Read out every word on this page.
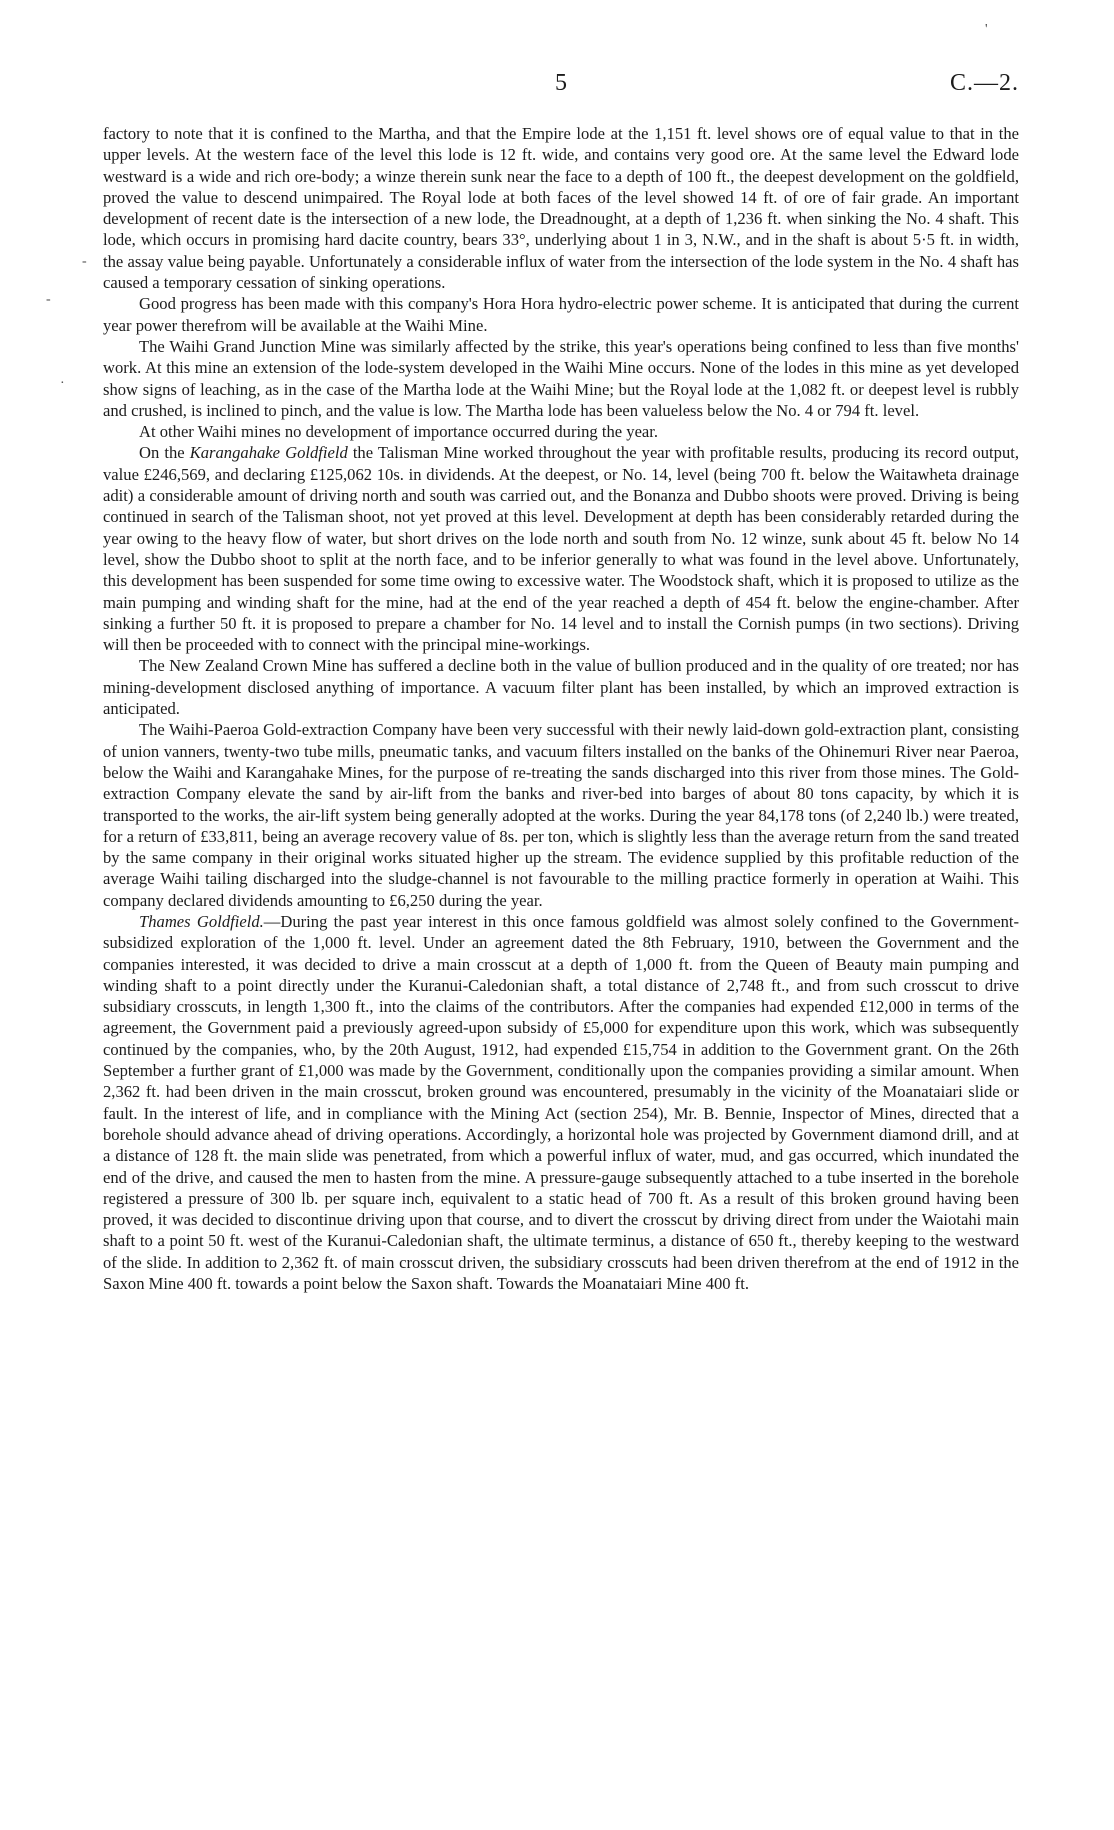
5	C.—2.
'
-
-
·

factory to note that it is confined to the Martha, and that the Empire lode at the 1,151 ft. level shows ore of equal value to that in the upper levels. At the western face of the level this lode is 12 ft. wide, and contains very good ore. At the same level the Edward lode westward is a wide and rich ore-body; a winze therein sunk near the face to a depth of 100 ft., the deepest development on the goldfield, proved the value to descend unimpaired. The Royal lode at both faces of the level showed 14 ft. of ore of fair grade. An important development of recent date is the intersection of a new lode, the Dreadnought, at a depth of 1,236 ft. when sinking the No. 4 shaft. This lode, which occurs in promising hard dacite country, bears 33°, underlying about 1 in 3, N.W., and in the shaft is about 5·5 ft. in width, the assay value being payable. Unfortunately a considerable influx of water from the intersection of the lode system in the No. 4 shaft has caused a temporary cessation of sinking operations.

Good progress has been made with this company's Hora Hora hydro-electric power scheme. It is anticipated that during the current year power therefrom will be available at the Waihi Mine.

The Waihi Grand Junction Mine was similarly affected by the strike, this year's operations being confined to less than five months' work. At this mine an extension of the lode-system developed in the Waihi Mine occurs. None of the lodes in this mine as yet developed show signs of leaching, as in the case of the Martha lode at the Waihi Mine; but the Royal lode at the 1,082 ft. or deepest level is rubbly and crushed, is inclined to pinch, and the value is low. The Martha lode has been valueless below the No. 4 or 794 ft. level.

At other Waihi mines no development of importance occurred during the year.

On the Karangahake Goldfield the Talisman Mine worked throughout the year with profitable results, producing its record output, value £246,569, and declaring £125,062 10s. in dividends. At the deepest, or No. 14, level (being 700 ft. below the Waitawheta drainage adit) a considerable amount of driving north and south was carried out, and the Bonanza and Dubbo shoots were proved. Driving is being continued in search of the Talisman shoot, not yet proved at this level. Development at depth has been considerably retarded during the year owing to the heavy flow of water, but short drives on the lode north and south from No. 12 winze, sunk about 45 ft. below No 14 level, show the Dubbo shoot to split at the north face, and to be inferior generally to what was found in the level above. Unfortunately, this development has been suspended for some time owing to excessive water. The Woodstock shaft, which it is proposed to utilize as the main pumping and winding shaft for the mine, had at the end of the year reached a depth of 454 ft. below the engine-chamber. After sinking a further 50 ft. it is proposed to prepare a chamber for No. 14 level and to install the Cornish pumps (in two sections). Driving will then be proceeded with to connect with the principal mine-workings.

The New Zealand Crown Mine has suffered a decline both in the value of bullion produced and in the quality of ore treated; nor has mining-development disclosed anything of importance. A vacuum filter plant has been installed, by which an improved extraction is anticipated.

The Waihi-Paeroa Gold-extraction Company have been very successful with their newly laid-down gold-extraction plant, consisting of union vanners, twenty-two tube mills, pneumatic tanks, and vacuum filters installed on the banks of the Ohinemuri River near Paeroa, below the Waihi and Karangahake Mines, for the purpose of re-treating the sands discharged into this river from those mines. The Gold-extraction Company elevate the sand by air-lift from the banks and river-bed into barges of about 80 tons capacity, by which it is transported to the works, the air-lift system being generally adopted at the works. During the year 84,178 tons (of 2,240 lb.) were treated, for a return of £33,811, being an average recovery value of 8s. per ton, which is slightly less than the average return from the sand treated by the same company in their original works situated higher up the stream. The evidence supplied by this profitable reduction of the average Waihi tailing discharged into the sludge-channel is not favourable to the milling practice formerly in operation at Waihi. This company declared dividends amounting to £6,250 during the year.

Thames Goldfield.—During the past year interest in this once famous goldfield was almost solely confined to the Government-subsidized exploration of the 1,000 ft. level. Under an agreement dated the 8th February, 1910, between the Government and the companies interested, it was decided to drive a main crosscut at a depth of 1,000 ft. from the Queen of Beauty main pumping and winding shaft to a point directly under the Kuranui-Caledonian shaft, a total distance of 2,748 ft., and from such crosscut to drive subsidiary crosscuts, in length 1,300 ft., into the claims of the contributors. After the companies had expended £12,000 in terms of the agreement, the Government paid a previously agreed-upon subsidy of £5,000 for expenditure upon this work, which was subsequently continued by the companies, who, by the 20th August, 1912, had expended £15,754 in addition to the Government grant. On the 26th September a further grant of £1,000 was made by the Government, conditionally upon the companies providing a similar amount. When 2,362 ft. had been driven in the main crosscut, broken ground was encountered, presumably in the vicinity of the Moanataiari slide or fault. In the interest of life, and in compliance with the Mining Act (section 254), Mr. B. Bennie, Inspector of Mines, directed that a borehole should advance ahead of driving operations. Accordingly, a horizontal hole was projected by Government diamond drill, and at a distance of 128 ft. the main slide was penetrated, from which a powerful influx of water, mud, and gas occurred, which inundated the end of the drive, and caused the men to hasten from the mine. A pressure-gauge subsequently attached to a tube inserted in the borehole registered a pressure of 300 lb. per square inch, equivalent to a static head of 700 ft. As a result of this broken ground having been proved, it was decided to discontinue driving upon that course, and to divert the crosscut by driving direct from under the Waiotahi main shaft to a point 50 ft. west of the Kuranui-Caledonian shaft, the ultimate terminus, a distance of 650 ft., thereby keeping to the westward of the slide. In addition to 2,362 ft. of main crosscut driven, the subsidiary crosscuts had been driven therefrom at the end of 1912 in the Saxon Mine 400 ft. towards a point below the Saxon shaft. Towards the Moanataiari Mine 400 ft.
